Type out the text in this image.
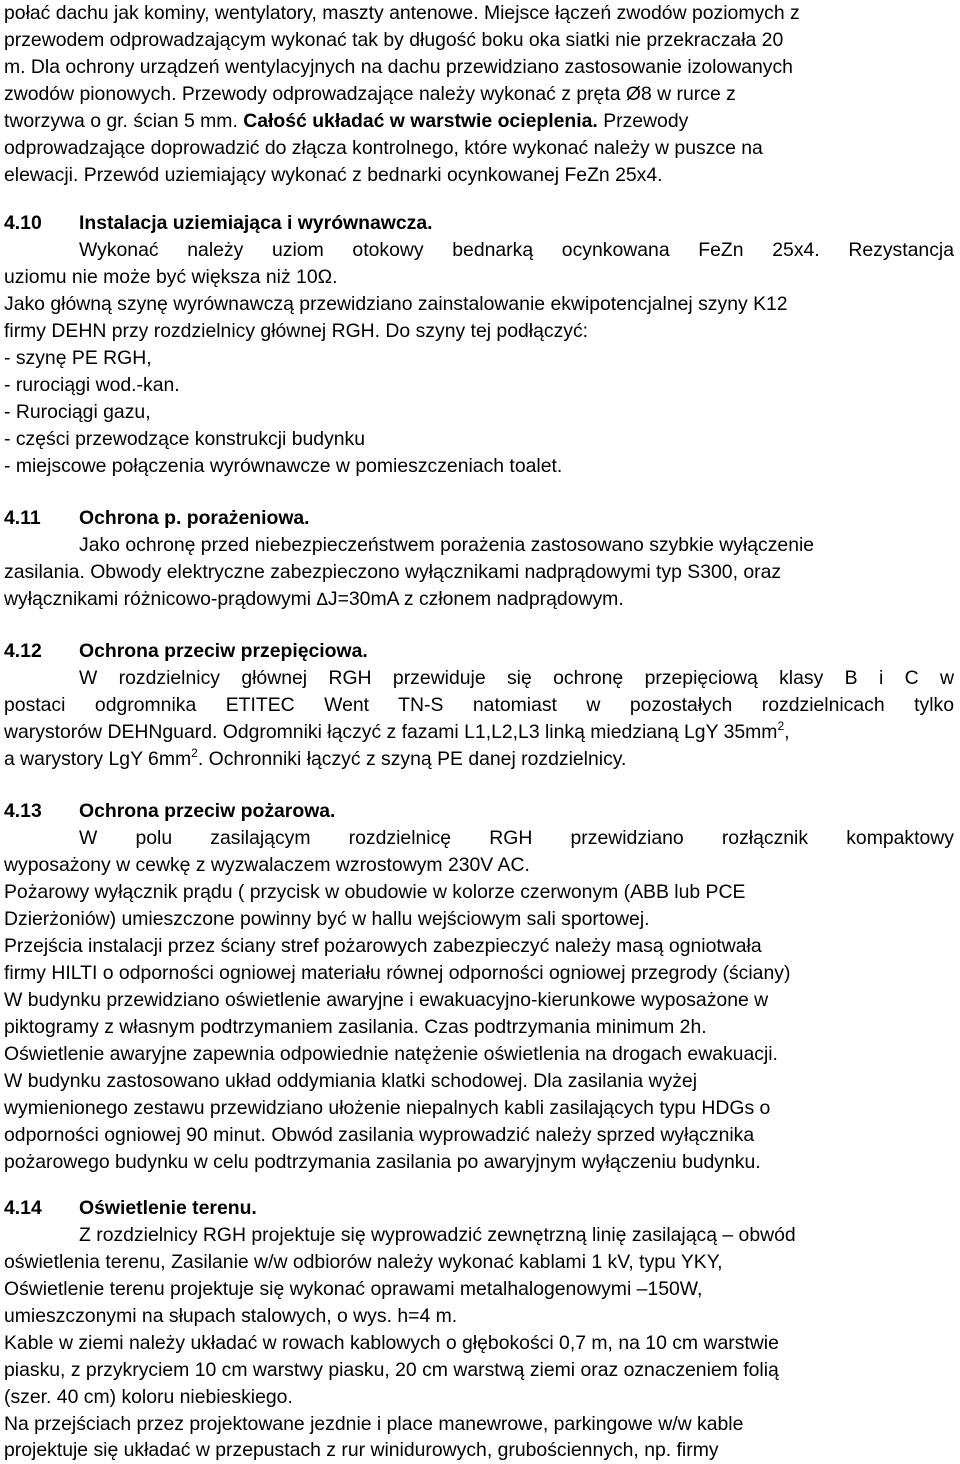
połać dachu jak kominy, wentylatory, maszty antenowe. Miejsce łączeń zwodów poziomych z
przewodem odprowadzającym wykonać tak by długość boku oka siatki nie przekraczała 20
m. Dla ochrony urządzeń wentylacyjnych na dachu przewidziano zastosowanie izolowanych
zwodów pionowych. Przewody odprowadzające należy wykonać z pręta Ø8 w rurce z
tworzywa o gr. ścian 5 mm. Całość układać w warstwie ocieplenia. Przewody
odprowadzające doprowadzić do złącza kontrolnego, które wykonać należy w puszce na
elewacji. Przewód uziemiający wykonać z bednarki ocynkowanej FeZn 25x4.
4.10 Instalacja uziemiająca i wyrównawcza.
Wykonać należy uziom otokowy bednarką ocynkowana FeZn 25x4. Rezystancja
uziomu nie może być większa niż 10Ω.
Jako główną szynę wyrównawczą przewidziano zainstalowanie ekwipotencjalnej szyny K12
firmy DEHN przy rozdzielnicy głównej RGH. Do szyny tej podłączyć:
- szynę PE RGH,
- rurociągi wod.-kan.
- Rurociągi gazu,
- części przewodzące konstrukcji budynku
- miejscowe połączenia wyrównawcze w pomieszczeniach toalet.
4.11 Ochrona p. porażeniowa.
Jako ochronę przed niebezpieczeństwem porażenia zastosowano szybkie wyłączenie
zasilania. Obwody elektryczne zabezpieczono wyłącznikami nadprądowymi typ S300, oraz
wyłącznikami różnicowo-prądowymi ∆J=30mA z członem nadprądowym.
4.12 Ochrona przeciw przepięciowa.
W rozdzielnicy głównej RGH przewiduje się ochronę przepięciową klasy B i C w
postaci odgromnika ETITEC Went TN-S natomiast w pozostałych rozdzielnicach tylko
warystorów DEHNguard. Odgromniki łączyć z fazami L1,L2,L3 linką miedzianą LgY $35mm^2$,
a warystory LgY $6mm^2$. Ochronniki łączyć z szyną PE danej rozdzielnicy.
4.13 Ochrona przeciw pożarowa.
W polu zasilającym rozdzielnicę RGH przewidziano rozłącznik kompaktowy
wyposażony w cewkę z wyzwalaczem wzrostowym 230V AC.
Pożarowy wyłącznik prądu ( przycisk w obudowie w kolorze czerwonym (ABB lub PCE
Dzierżoniów) umieszczone powinny być w hallu wejściowym sali sportowej.
Przejścia instalacji przez ściany stref pożarowych zabezpieczyć należy masą ogniotwała
firmy HILTI o odporności ogniowej materiału równej odporności ogniowej przegrody (ściany)
W budynku przewidziano oświetlenie awaryjne i ewakuacyjno-kierunkowe wyposażone w
piktogramy z własnym podtrzymaniem zasilania. Czas podtrzymania minimum 2h.
Oświetlenie awaryjne zapewnia odpowiednie natężenie oświetlenia na drogach ewakuacji.
W budynku zastosowano układ oddymiania klatki schodowej. Dla zasilania wyżej
wymienionego zestawu przewidziano ułożenie niepalnych kabli zasilających typu HDGs o
odporności ogniowej 90 minut. Obwód zasilania wyprowadzić należy sprzed wyłącznika
pożarowego budynku w celu podtrzymania zasilania po awaryjnym wyłączeniu budynku.
4.14 Oświetlenie terenu.
Z rozdzielnicy RGH projektuje się wyprowadzić zewnętrzną linię zasilającą – obwód
oświetlenia terenu, Zasilanie w/w odbiorów należy wykonać kablami 1 kV, typu YKY,
Oświetlenie terenu projektuje się wykonać oprawami metalhalogenowymi –150W,
umieszczonymi na słupach stalowych, o wys. h=4 m.
Kable w ziemi należy układać w rowach kablowych o głębokości 0,7 m, na 10 cm warstwie
piasku, z przykryciem 10 cm warstwy piasku, 20 cm warstwą ziemi oraz oznaczeniem folią
(szer. 40 cm) koloru niebieskiego.
Na przejściach przez projektowane jezdnie i place manewrowe, parkingowe w/w kable
projektuje się układać w przepustach z rur winidurowych, grubościennych, np. firmy
